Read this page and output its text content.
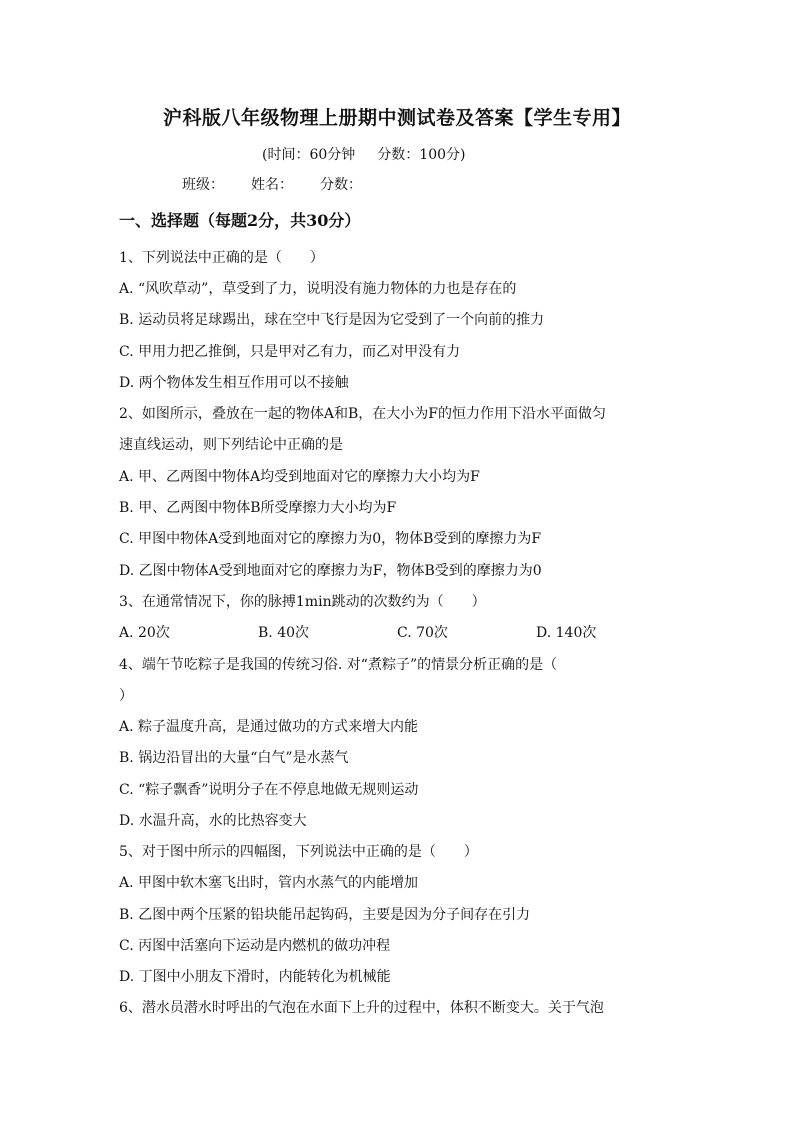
沪科版八年级物理上册期中测试卷及答案【学生专用】
(时间：60分钟 分数：100分)
班级： 姓名： 分数：
一、选择题（每题2分，共30分）
1、下列说法中正确的是（　　）
A. “风吹草动”，草受到了力，说明没有施力物体的力也是存在的
B. 运动员将足球踢出，球在空中飞行是因为它受到了一个向前的推力
C. 甲用力把乙推倒，只是甲对乙有力，而乙对甲没有力
D. 两个物体发生相互作用可以不接触
2、如图所示，叠放在一起的物体A和B，在大小为F的恒力作用下沿水平面做匀
速直线运动，则下列结论中正确的是
A. 甲、乙两图中物体A均受到地面对它的摩擦力大小均为F
B. 甲、乙两图中物体B所受摩擦力大小均为F
C. 甲图中物体A受到地面对它的摩擦力为0，物体B受到的摩擦力为F
D. 乙图中物体A受到地面对它的摩擦力为F，物体B受到的摩擦力为0
3、在通常情况下，你的脉搏1min跳动的次数约为（　　）
A. 20次	B. 40次	C. 70次	D. 140次
4、端午节吃粽子是我国的传统习俗. 对“煮粽子”的情景分析正确的是（
）
A. 粽子温度升高，是通过做功的方式来增大内能
B. 锅边沿冒出的大量“白气”是水蒸气
C. “粽子飘香”说明分子在不停息地做无规则运动
D. 水温升高，水的比热容变大
5、对于图中所示的四幅图，下列说法中正确的是（　　）
A. 甲图中软木塞飞出时，管内水蒸气的内能增加
B. 乙图中两个压紧的铅块能吊起钩码，主要是因为分子间存在引力
C. 丙图中活塞向下运动是内燃机的做功冲程
D. 丁图中小朋友下滑时，内能转化为机械能
6、潜水员潜水时呼出的气泡在水面下上升的过程中，体积不断变大。关于气泡
